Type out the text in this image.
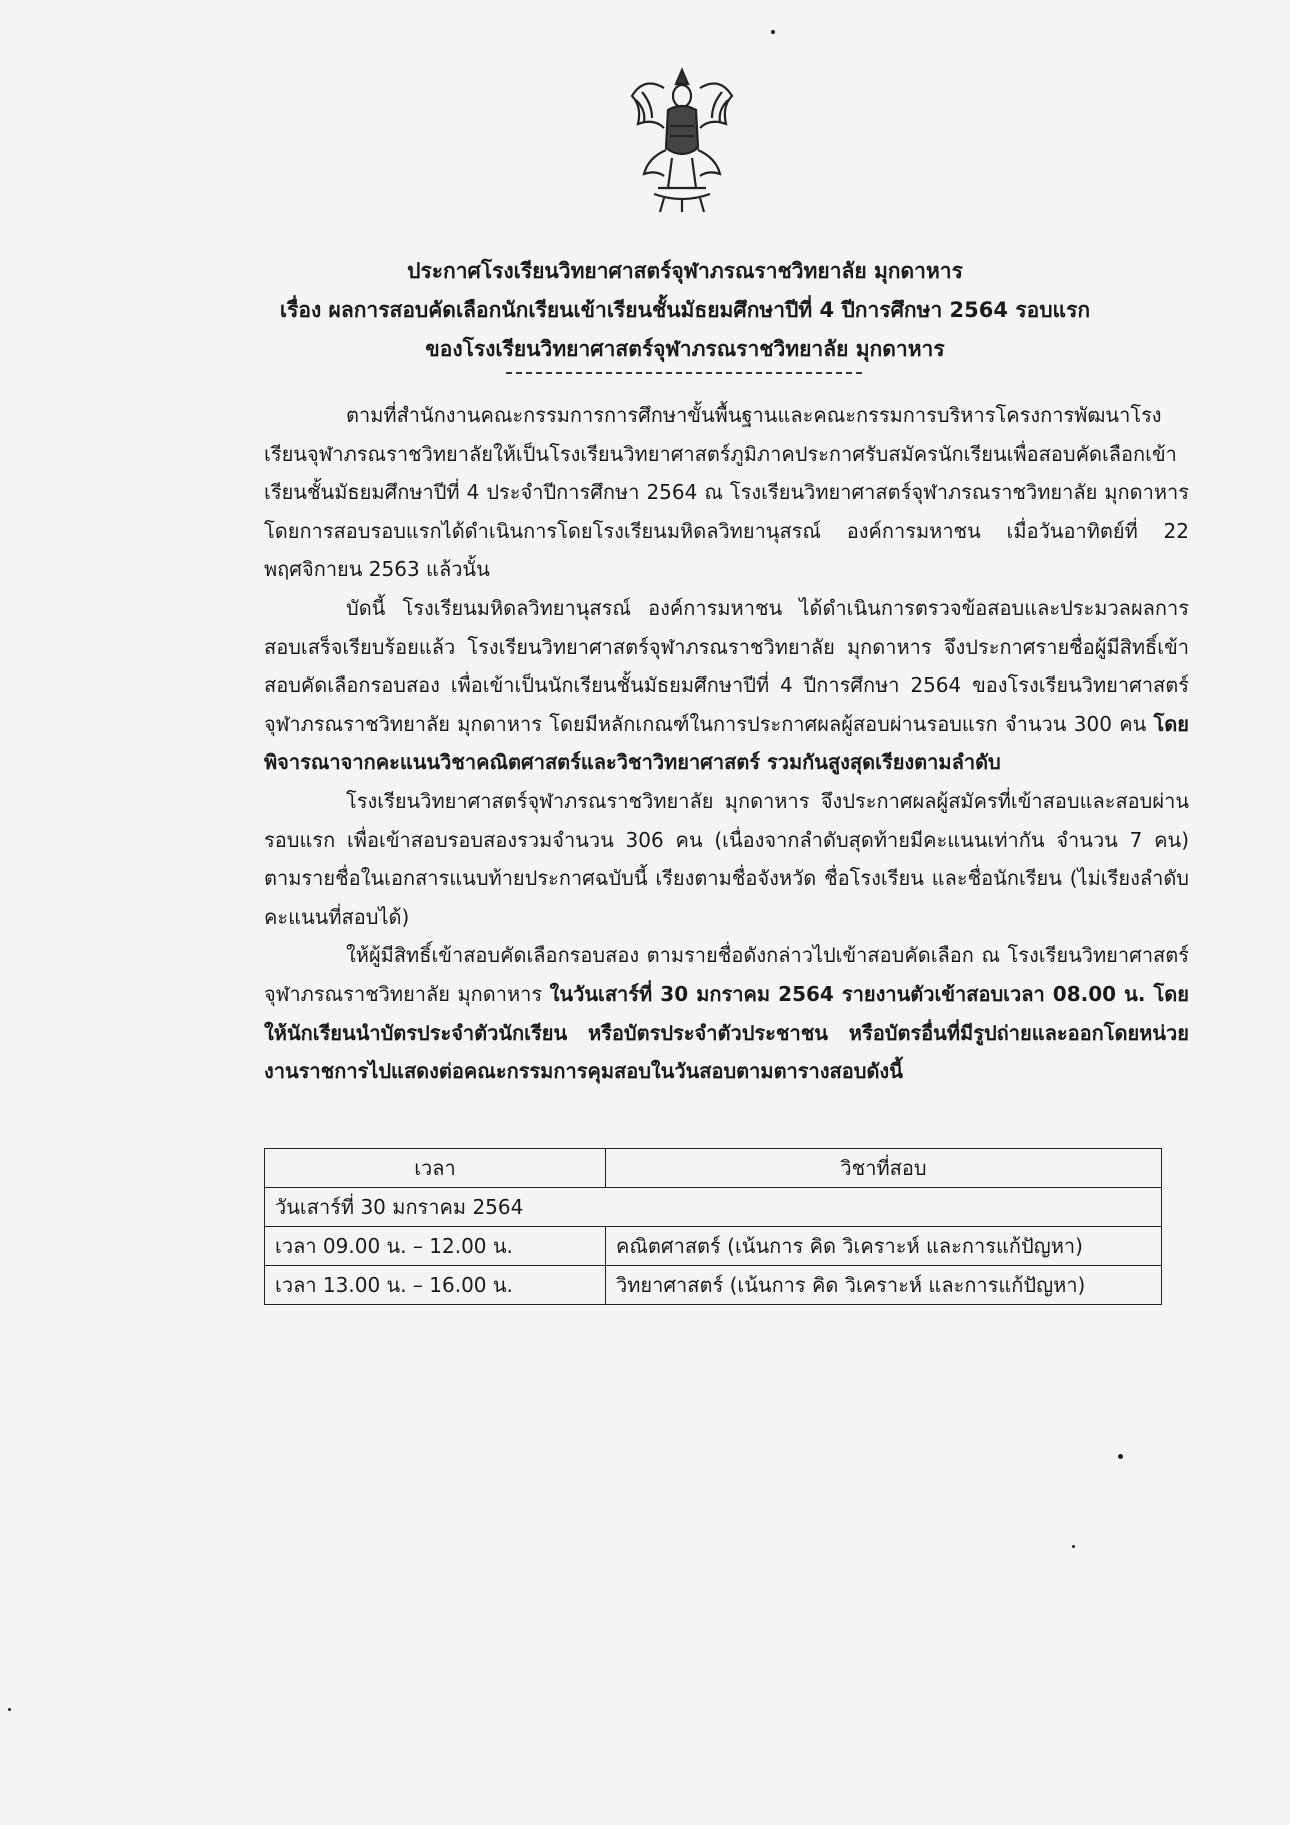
ประกาศโรงเรียนวิทยาศาสตร์จุฬาภรณราชวิทยาลัย มุกดาหาร
เรื่อง ผลการสอบคัดเลือกนักเรียนเข้าเรียนชั้นมัธยมศึกษาปีที่ 4 ปีการศึกษา 2564 รอบแรก
ของโรงเรียนวิทยาศาสตร์จุฬาภรณราชวิทยาลัย มุกดาหาร

ตามที่สำนักงานคณะกรรมการการศึกษาขั้นพื้นฐานและคณะกรรมการบริหารโครงการพัฒนาโรงเรียนจุฬาภรณราชวิทยาลัยให้เป็นโรงเรียนวิทยาศาสตร์ภูมิภาคประกาศรับสมัครนักเรียนเพื่อสอบคัดเลือกเข้าเรียนชั้นมัธยมศึกษาปีที่ 4 ประจำปีการศึกษา 2564 ณ โรงเรียนวิทยาศาสตร์จุฬาภรณราชวิทยาลัย มุกดาหาร โดยการสอบรอบแรกได้ดำเนินการโดยโรงเรียนมหิดลวิทยานุสรณ์ องค์การมหาชน เมื่อวันอาทิตย์ที่ 22 พฤศจิกายน 2563 แล้วนั้น

บัดนี้ โรงเรียนมหิดลวิทยานุสรณ์ องค์การมหาชน ได้ดำเนินการตรวจข้อสอบและประมวลผลการสอบเสร็จเรียบร้อยแล้ว โรงเรียนวิทยาศาสตร์จุฬาภรณราชวิทยาลัย มุกดาหาร จึงประกาศรายชื่อผู้มีสิทธิ์เข้าสอบคัดเลือกรอบสอง เพื่อเข้าเป็นนักเรียนชั้นมัธยมศึกษาปีที่ 4 ปีการศึกษา 2564 ของโรงเรียนวิทยาศาสตร์จุฬาภรณราชวิทยาลัย มุกดาหาร โดยมีหลักเกณฑ์ในการประกาศผลผู้สอบผ่านรอบแรก จำนวน 300 คน โดยพิจารณาจากคะแนนวิชาคณิตศาสตร์และวิชาวิทยาศาสตร์ รวมกันสูงสุดเรียงตามลำดับ

โรงเรียนวิทยาศาสตร์จุฬาภรณราชวิทยาลัย มุกดาหาร จึงประกาศผลผู้สมัครที่เข้าสอบและสอบผ่านรอบแรก เพื่อเข้าสอบรอบสองรวมจำนวน 306 คน (เนื่องจากลำดับสุดท้ายมีคะแนนเท่ากัน จำนวน 7 คน) ตามรายชื่อในเอกสารแนบท้ายประกาศฉบับนี้ เรียงตามชื่อจังหวัด ชื่อโรงเรียน และชื่อนักเรียน (ไม่เรียงลำดับคะแนนที่สอบได้)

ให้ผู้มีสิทธิ์เข้าสอบคัดเลือกรอบสอง ตามรายชื่อดังกล่าวไปเข้าสอบคัดเลือก ณ โรงเรียนวิทยาศาสตร์จุฬาภรณราชวิทยาลัย มุกดาหาร ในวันเสาร์ที่ 30 มกราคม 2564 รายงานตัวเข้าสอบเวลา 08.00 น. โดยให้นักเรียนนำบัตรประจำตัวนักเรียน หรือบัตรประจำตัวประชาชน หรือบัตรอื่นที่มีรูปถ่ายและออกโดยหน่วยงานราชการไปแสดงต่อคณะกรรมการคุมสอบในวันสอบตามตารางสอบดังนี้

เวลา	วิชาที่สอบ
วันเสาร์ที่ 30 มกราคม 2564	
เวลา 09.00 น. – 12.00 น.	คณิตศาสตร์ (เน้นการ คิด วิเคราะห์ และการแก้ปัญหา)
เวลา 13.00 น. – 16.00 น.	วิทยาศาสตร์ (เน้นการ คิด วิเคราะห์ และการแก้ปัญหา)
